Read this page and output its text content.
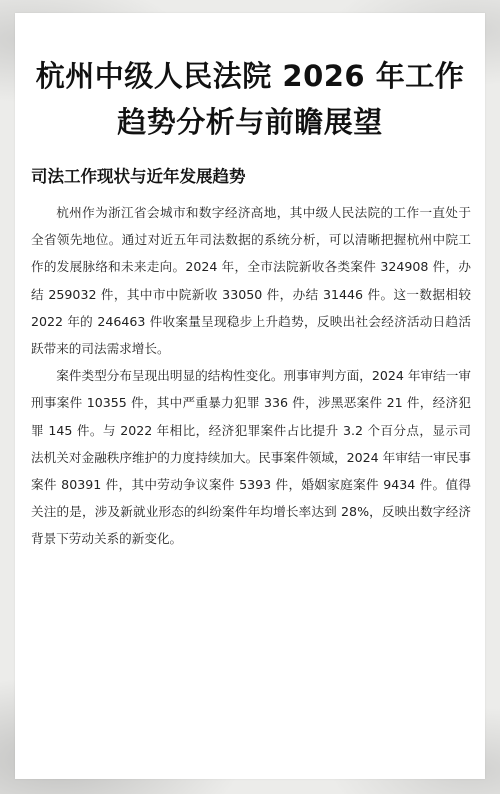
杭州中级人民法院 2026 年工作趋势分析与前瞻展望
司法工作现状与近年发展趋势

杭州作为浙江省会城市和数字经济高地，其中级人民法院的工作一直处于全省领先地位。通过对近五年司法数据的系统分析，可以清晰把握杭州中院工作的发展脉络和未来走向。2024 年，全市法院新收各类案件 324908 件，办结 259032 件，其中市中院新收 33050 件，办结 31446 件。这一数据相较 2022 年的 246463 件收案量呈现稳步上升趋势，反映出社会经济活动日趋活跃带来的司法需求增长。

案件类型分布呈现出明显的结构性变化。刑事审判方面，2024 年审结一审刑事案件 10355 件，其中严重暴力犯罪 336 件，涉黑恶案件 21 件，经济犯罪 145 件。与 2022 年相比，经济犯罪案件占比提升 3.2 个百分点，显示司法机关对金融秩序维护的力度持续加大。民事案件领域，2024 年审结一审民事案件 80391 件，其中劳动争议案件 5393 件，婚姻家庭案件 9434 件。值得关注的是，涉及新就业形态的纠纷案件年均增长率达到 28%，反映出数字经济背景下劳动关系的新变化。
